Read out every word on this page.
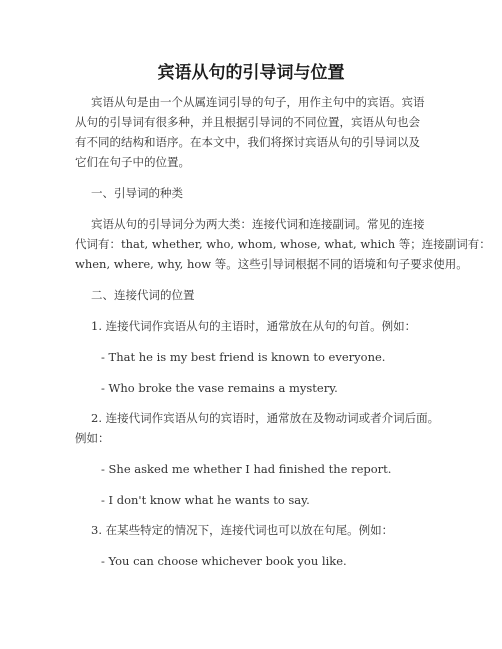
宾语从句的引导词与位置
宾语从句是由一个从属连词引导的句子，用作主句中的宾语。宾语
从句的引导词有很多种，并且根据引导词的不同位置，宾语从句也会
有不同的结构和语序。在本文中，我们将探讨宾语从句的引导词以及
它们在句子中的位置。
一、引导词的种类
宾语从句的引导词分为两大类：连接代词和连接副词。常见的连接
代词有：that, whether, who, whom, whose, what, which 等；连接副词有：
when, where, why, how 等。这些引导词根据不同的语境和句子要求使用。
二、连接代词的位置
1. 连接代词作宾语从句的主语时，通常放在从句的句首。例如：
- That he is my best friend is known to everyone.
- Who broke the vase remains a mystery.
2. 连接代词作宾语从句的宾语时，通常放在及物动词或者介词后面。
例如：
- She asked me whether I had finished the report.
- I don't know what he wants to say.
3. 在某些特定的情况下，连接代词也可以放在句尾。例如：
- You can choose whichever book you like.
